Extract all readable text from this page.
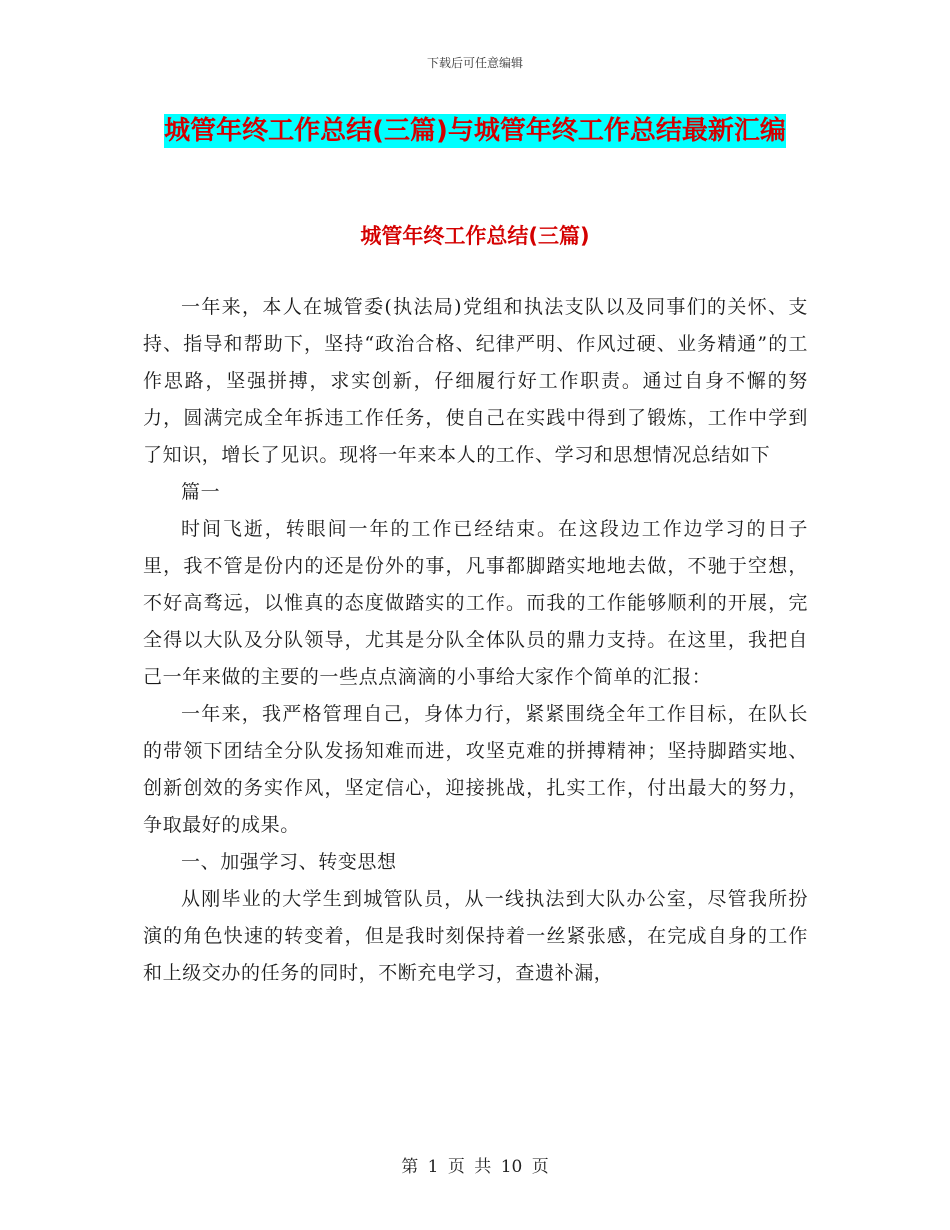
下载后可任意编辑
城管年终工作总结(三篇)与城管年终工作总结最新汇编
城管年终工作总结(三篇)

一年来，本人在城管委(执法局)党组和执法支队以及同事们的关怀、支持、指导和帮助下，坚持“政治合格、纪律严明、作风过硬、业务精通”的工作思路，坚强拼搏，求实创新，仔细履行好工作职责。通过自身不懈的努力，圆满完成全年拆违工作任务，使自己在实践中得到了锻炼，工作中学到了知识，增长了见识。现将一年来本人的工作、学习和思想情况总结如下

篇一

时间飞逝，转眼间一年的工作已经结束。在这段边工作边学习的日子里，我不管是份内的还是份外的事，凡事都脚踏实地地去做，不驰于空想，不好高骛远，以惟真的态度做踏实的工作。而我的工作能够顺利的开展，完全得以大队及分队领导，尤其是分队全体队员的鼎力支持。在这里，我把自己一年来做的主要的一些点点滴滴的小事给大家作个简单的汇报：

一年来，我严格管理自己，身体力行，紧紧围绕全年工作目标，在队长的带领下团结全分队发扬知难而进，攻坚克难的拼搏精神；坚持脚踏实地、创新创效的务实作风，坚定信心，迎接挑战，扎实工作，付出最大的努力，争取最好的成果。

一、加强学习、转变思想

从刚毕业的大学生到城管队员，从一线执法到大队办公室，尽管我所扮演的角色快速的转变着，但是我时刻保持着一丝紧张感，在完成自身的工作和上级交办的任务的同时，不断充电学习，查遗补漏，

第 1 页 共 10 页
